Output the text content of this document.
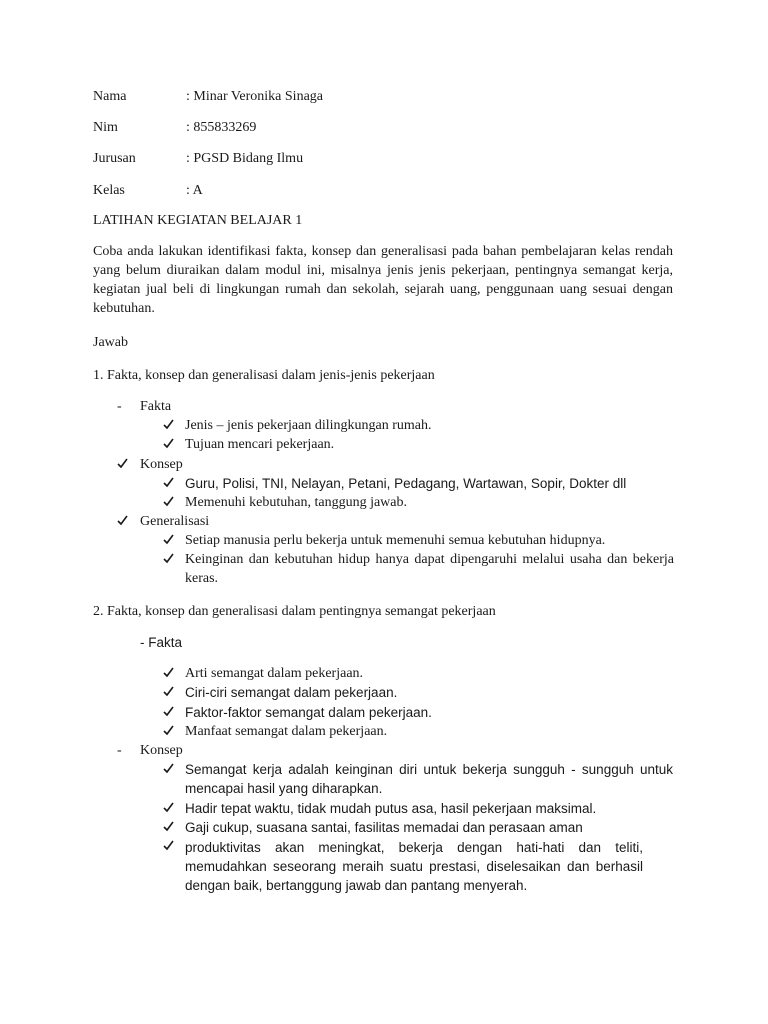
Nama	: Minar Veronika Sinaga
Nim	: 855833269
Jurusan	: PGSD Bidang Ilmu
Kelas	: A
LATIHAN KEGIATAN BELAJAR 1
Coba anda lakukan identifikasi fakta, konsep dan generalisasi pada bahan pembelajaran kelas rendah yang belum diuraikan dalam modul ini, misalnya jenis jenis pekerjaan, pentingnya semangat kerja, kegiatan jual beli di lingkungan rumah dan sekolah, sejarah uang, penggunaan uang sesuai dengan kebutuhan.
Jawab
1. Fakta, konsep dan generalisasi dalam jenis-jenis pekerjaan
- Fakta
Jenis – jenis pekerjaan dilingkungan rumah.
Tujuan mencari pekerjaan.
Konsep
Guru, Polisi, TNI, Nelayan, Petani, Pedagang, Wartawan, Sopir, Dokter dll
Memenuhi kebutuhan, tanggung jawab.
Generalisasi
Setiap manusia perlu bekerja untuk memenuhi semua kebutuhan hidupnya.
Keinginan dan kebutuhan hidup hanya dapat dipengaruhi melalui usaha dan bekerja keras.
2. Fakta, konsep dan generalisasi dalam pentingnya semangat pekerjaan
- Fakta
Arti semangat dalam pekerjaan.
Ciri-ciri semangat dalam pekerjaan.
Faktor-faktor semangat dalam pekerjaan.
Manfaat semangat dalam pekerjaan.
- Konsep
Semangat kerja adalah keinginan diri untuk bekerja sungguh - sungguh untuk mencapai hasil yang diharapkan.
Hadir tepat waktu, tidak mudah putus asa, hasil pekerjaan maksimal.
Gaji cukup, suasana santai, fasilitas memadai dan perasaan aman
produktivitas akan meningkat, bekerja dengan hati-hati dan teliti, memudahkan seseorang meraih suatu prestasi, diselesaikan dan berhasil dengan baik, bertanggung jawab dan pantang menyerah.
